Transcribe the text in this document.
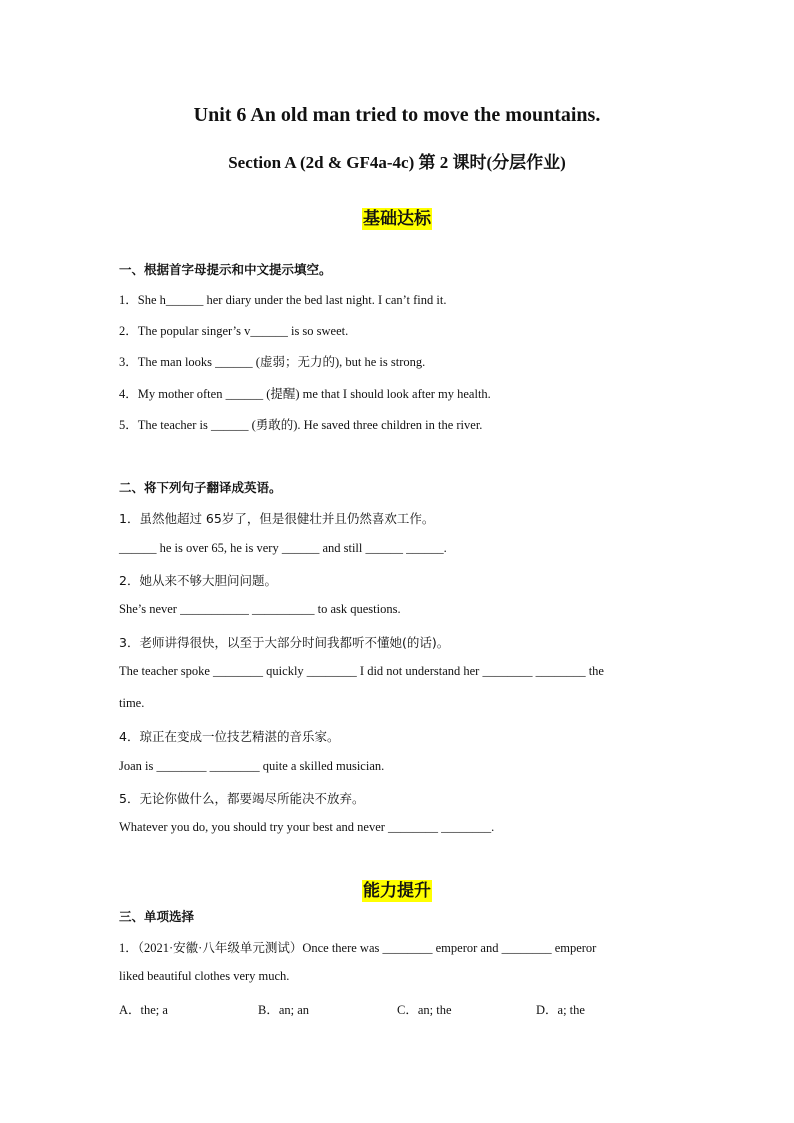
Unit 6 An old man tried to move the mountains.
Section A (2d & GF4a-4c) 第 2 课时(分层作业)
基础达标
一、根据首字母提示和中文提示填空。
1．She h______ her diary under the bed last night. I can’t find it.
2．The popular singer’s v______ is so sweet.
3．The man looks ______ (虚弱；无力的), but he is strong.
4．My mother often ______ (提醒) me that I should look after my health.
5．The teacher is ______ (勇敢的). He saved three children in the river.
二、将下列句子翻译成英语。
1．虽然他超过 65岁了，但是很健壮并且仍然喜欢工作。
______ he is over 65, he is very ______ and still ______ ______.
2．她从来不够大胆问问题。
She’s never ___________ __________ to ask questions.
3．老师讲得很快，以至于大部分时间我都听不懂她(的话)。
The teacher spoke ________ quickly ________ I did not understand her ________ ________ the
time.
4．琼正在变成一位技艺精湛的音乐家。
Joan is ________ ________ quite a skilled musician.
5．无论你做什么，都要竭尽所能决不放弃。
Whatever you do, you should try your best and never ________ ________.
能力提升
三、单项选择
1．（2021·安徽·八年级单元测试）Once there was ________ emperor and ________ emperor
liked beautiful clothes very much.
A．the; a	B．an; an	C．an; the	D．a; the
